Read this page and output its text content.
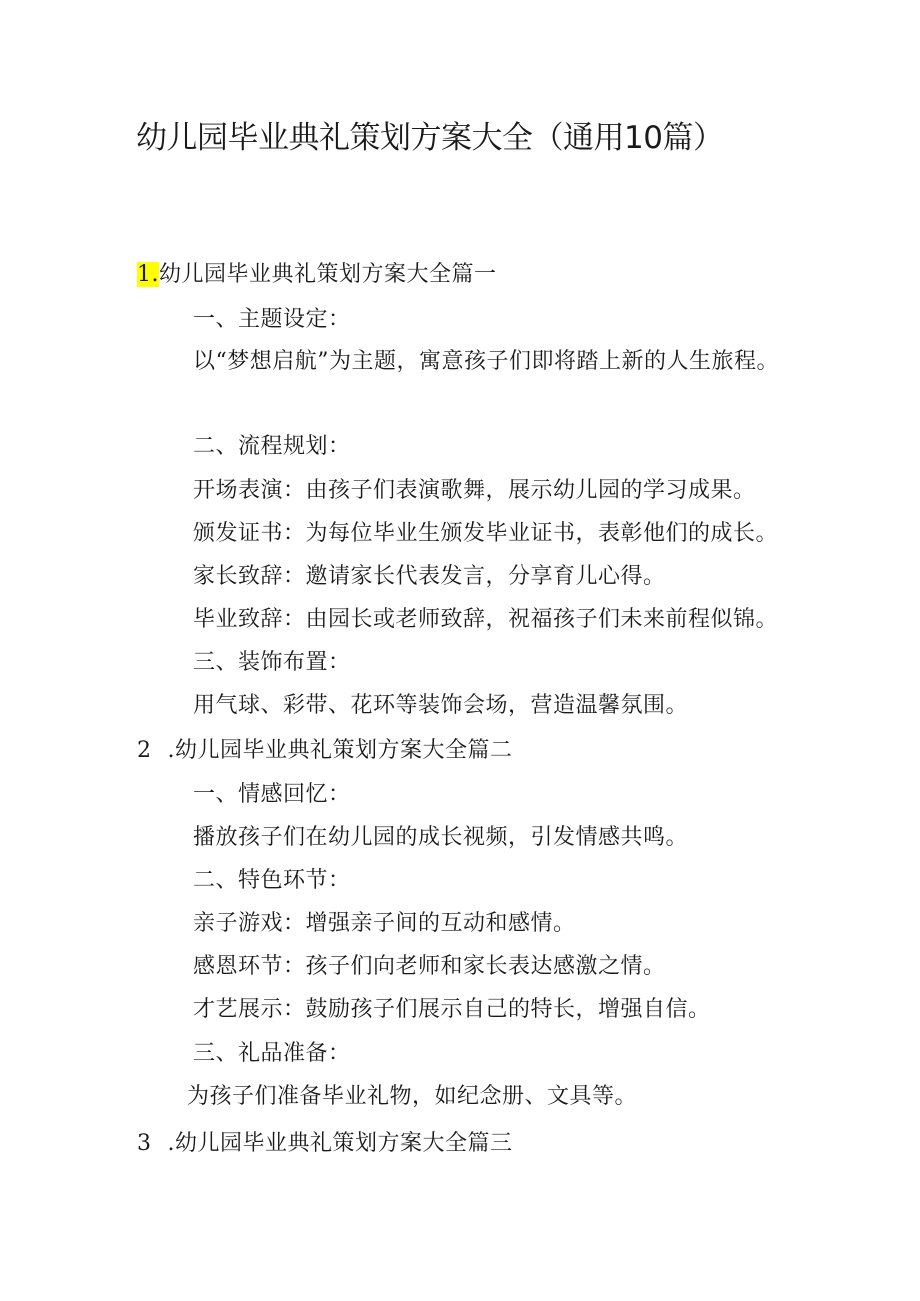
幼儿园毕业典礼策划方案大全（通用10篇）
1.幼儿园毕业典礼策划方案大全篇一
一、主题设定：
以“梦想启航”为主题，寓意孩子们即将踏上新的人生旅程。
二、流程规划：
开场表演：由孩子们表演歌舞，展示幼儿园的学习成果。
颁发证书：为每位毕业生颁发毕业证书，表彰他们的成长。
家长致辞：邀请家长代表发言，分享育儿心得。
毕业致辞：由园长或老师致辞，祝福孩子们未来前程似锦。
三、装饰布置：
用气球、彩带、花环等装饰会场，营造温馨氛围。
2 .幼儿园毕业典礼策划方案大全篇二
一、情感回忆：
播放孩子们在幼儿园的成长视频，引发情感共鸣。
二、特色环节：
亲子游戏：增强亲子间的互动和感情。
感恩环节：孩子们向老师和家长表达感激之情。
才艺展示：鼓励孩子们展示自己的特长，增强自信。
三、礼品准备：
为孩子们准备毕业礼物，如纪念册、文具等。
3 .幼儿园毕业典礼策划方案大全篇三
